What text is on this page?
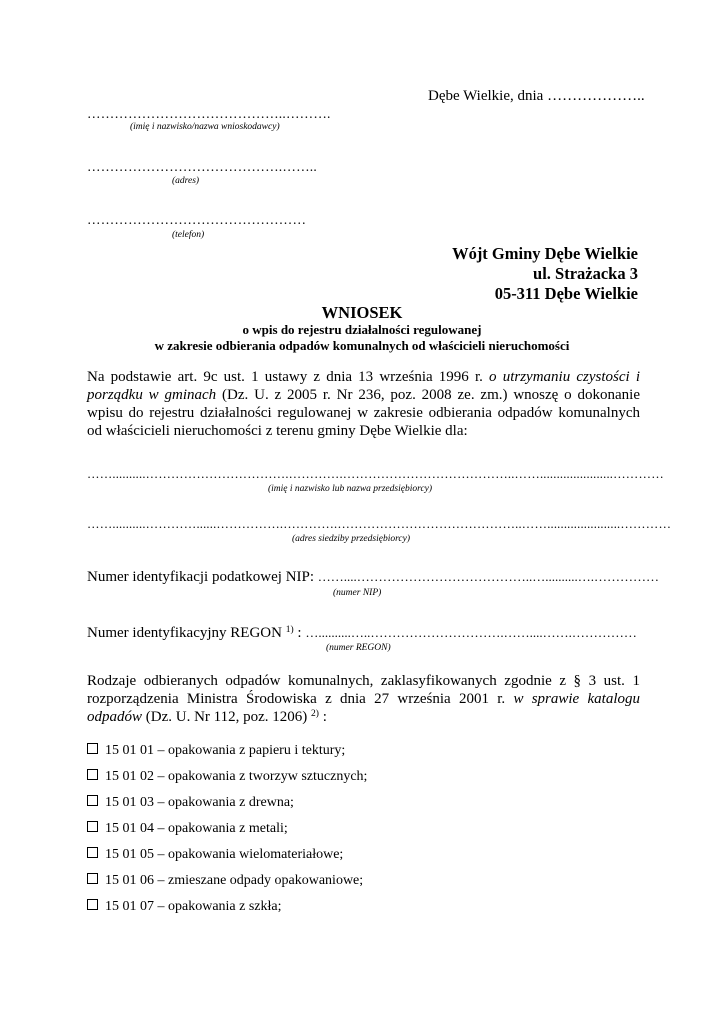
Dębe Wielkie, dnia ………………..
……………………………………..……….
(imię i nazwisko/nazwa wnioskodawcy)
…………………………………….……..
(adres)
…………………………………………
(telefon)
Wójt Gminy Dębe Wielkie
ul. Strażacka 3
05-311 Dębe Wielkie
WNIOSEK
o wpis do rejestru działalności regulowanej
w zakresie odbierania odpadów komunalnych od właścicieli nieruchomości
Na podstawie art. 9c ust. 1 ustawy z dnia 13 września 1996 r. o utrzymaniu czystości i porządku w gminach (Dz. U. z 2005 r. Nr 236, poz. 2008 ze. zm.) wnoszę o dokonanie wpisu do rejestru działalności regulowanej w zakresie odbierania odpadów komunalnych od właścicieli nieruchomości z terenu gminy Dębe Wielkie dla:
……..........…………………………….………….…………………………………..……......................…………
(imię i nazwisko lub nazwa przedsiębiorcy)
……..........…………......…………….………….……………………………………..……......................…………
(adres siedziby przedsiębiorcy)
Numer identyfikacji podatkowej NIP: ……....…………………………………..…..........….……………
(numer NIP)
Numer identyfikacyjny REGON $^{1)}$ : …..........…..………………………….……....…….……………
(numer REGON)
Rodzaje odbieranych odpadów komunalnych, zaklasyfikowanych zgodnie z § 3 ust. 1 rozporządzenia Ministra Środowiska z dnia 27 września 2001 r. w sprawie katalogu odpadów (Dz. U. Nr 112, poz. 1206) $^{2)}$ :
15 01 01 – opakowania z papieru i tektury;
15 01 02 – opakowania z tworzyw sztucznych;
15 01 03 – opakowania z drewna;
15 01 04 – opakowania z metali;
15 01 05 – opakowania wielomateriałowe;
15 01 06 – zmieszane odpady opakowaniowe;
15 01 07 – opakowania z szkła;
